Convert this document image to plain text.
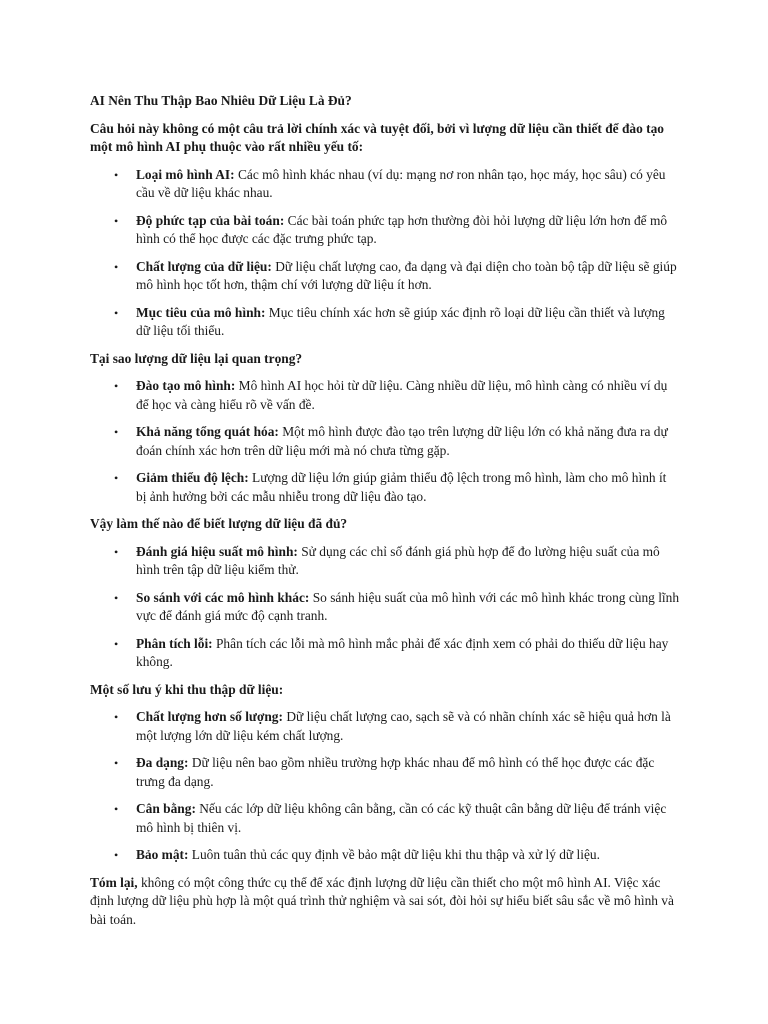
AI Nên Thu Thập Bao Nhiêu Dữ Liệu Là Đủ?

Câu hỏi này không có một câu trả lời chính xác và tuyệt đối, bởi vì lượng dữ liệu cần thiết để đào tạo một mô hình AI phụ thuộc vào rất nhiều yếu tố:

• Loại mô hình AI: Các mô hình khác nhau (ví dụ: mạng nơ ron nhân tạo, học máy, học sâu) có yêu cầu về dữ liệu khác nhau.
• Độ phức tạp của bài toán: Các bài toán phức tạp hơn thường đòi hỏi lượng dữ liệu lớn hơn để mô hình có thể học được các đặc trưng phức tạp.
• Chất lượng của dữ liệu: Dữ liệu chất lượng cao, đa dạng và đại diện cho toàn bộ tập dữ liệu sẽ giúp mô hình học tốt hơn, thậm chí với lượng dữ liệu ít hơn.
• Mục tiêu của mô hình: Mục tiêu chính xác hơn sẽ giúp xác định rõ loại dữ liệu cần thiết và lượng dữ liệu tối thiểu.

Tại sao lượng dữ liệu lại quan trọng?

• Đào tạo mô hình: Mô hình AI học hỏi từ dữ liệu. Càng nhiều dữ liệu, mô hình càng có nhiều ví dụ để học và càng hiểu rõ về vấn đề.
• Khả năng tổng quát hóa: Một mô hình được đào tạo trên lượng dữ liệu lớn có khả năng đưa ra dự đoán chính xác hơn trên dữ liệu mới mà nó chưa từng gặp.
• Giảm thiểu độ lệch: Lượng dữ liệu lớn giúp giảm thiểu độ lệch trong mô hình, làm cho mô hình ít bị ảnh hưởng bởi các mẫu nhiễu trong dữ liệu đào tạo.

Vậy làm thế nào để biết lượng dữ liệu đã đủ?

• Đánh giá hiệu suất mô hình: Sử dụng các chỉ số đánh giá phù hợp để đo lường hiệu suất của mô hình trên tập dữ liệu kiểm thử.
• So sánh với các mô hình khác: So sánh hiệu suất của mô hình với các mô hình khác trong cùng lĩnh vực để đánh giá mức độ cạnh tranh.
• Phân tích lỗi: Phân tích các lỗi mà mô hình mắc phải để xác định xem có phải do thiếu dữ liệu hay không.

Một số lưu ý khi thu thập dữ liệu:

• Chất lượng hơn số lượng: Dữ liệu chất lượng cao, sạch sẽ và có nhãn chính xác sẽ hiệu quả hơn là một lượng lớn dữ liệu kém chất lượng.
• Đa dạng: Dữ liệu nên bao gồm nhiều trường hợp khác nhau để mô hình có thể học được các đặc trưng đa dạng.
• Cân bằng: Nếu các lớp dữ liệu không cân bằng, cần có các kỹ thuật cân bằng dữ liệu để tránh việc mô hình bị thiên vị.
• Bảo mật: Luôn tuân thủ các quy định về bảo mật dữ liệu khi thu thập và xử lý dữ liệu.

Tóm lại, không có một công thức cụ thể để xác định lượng dữ liệu cần thiết cho một mô hình AI. Việc xác định lượng dữ liệu phù hợp là một quá trình thử nghiệm và sai sót, đòi hỏi sự hiểu biết sâu sắc về mô hình và bài toán.
